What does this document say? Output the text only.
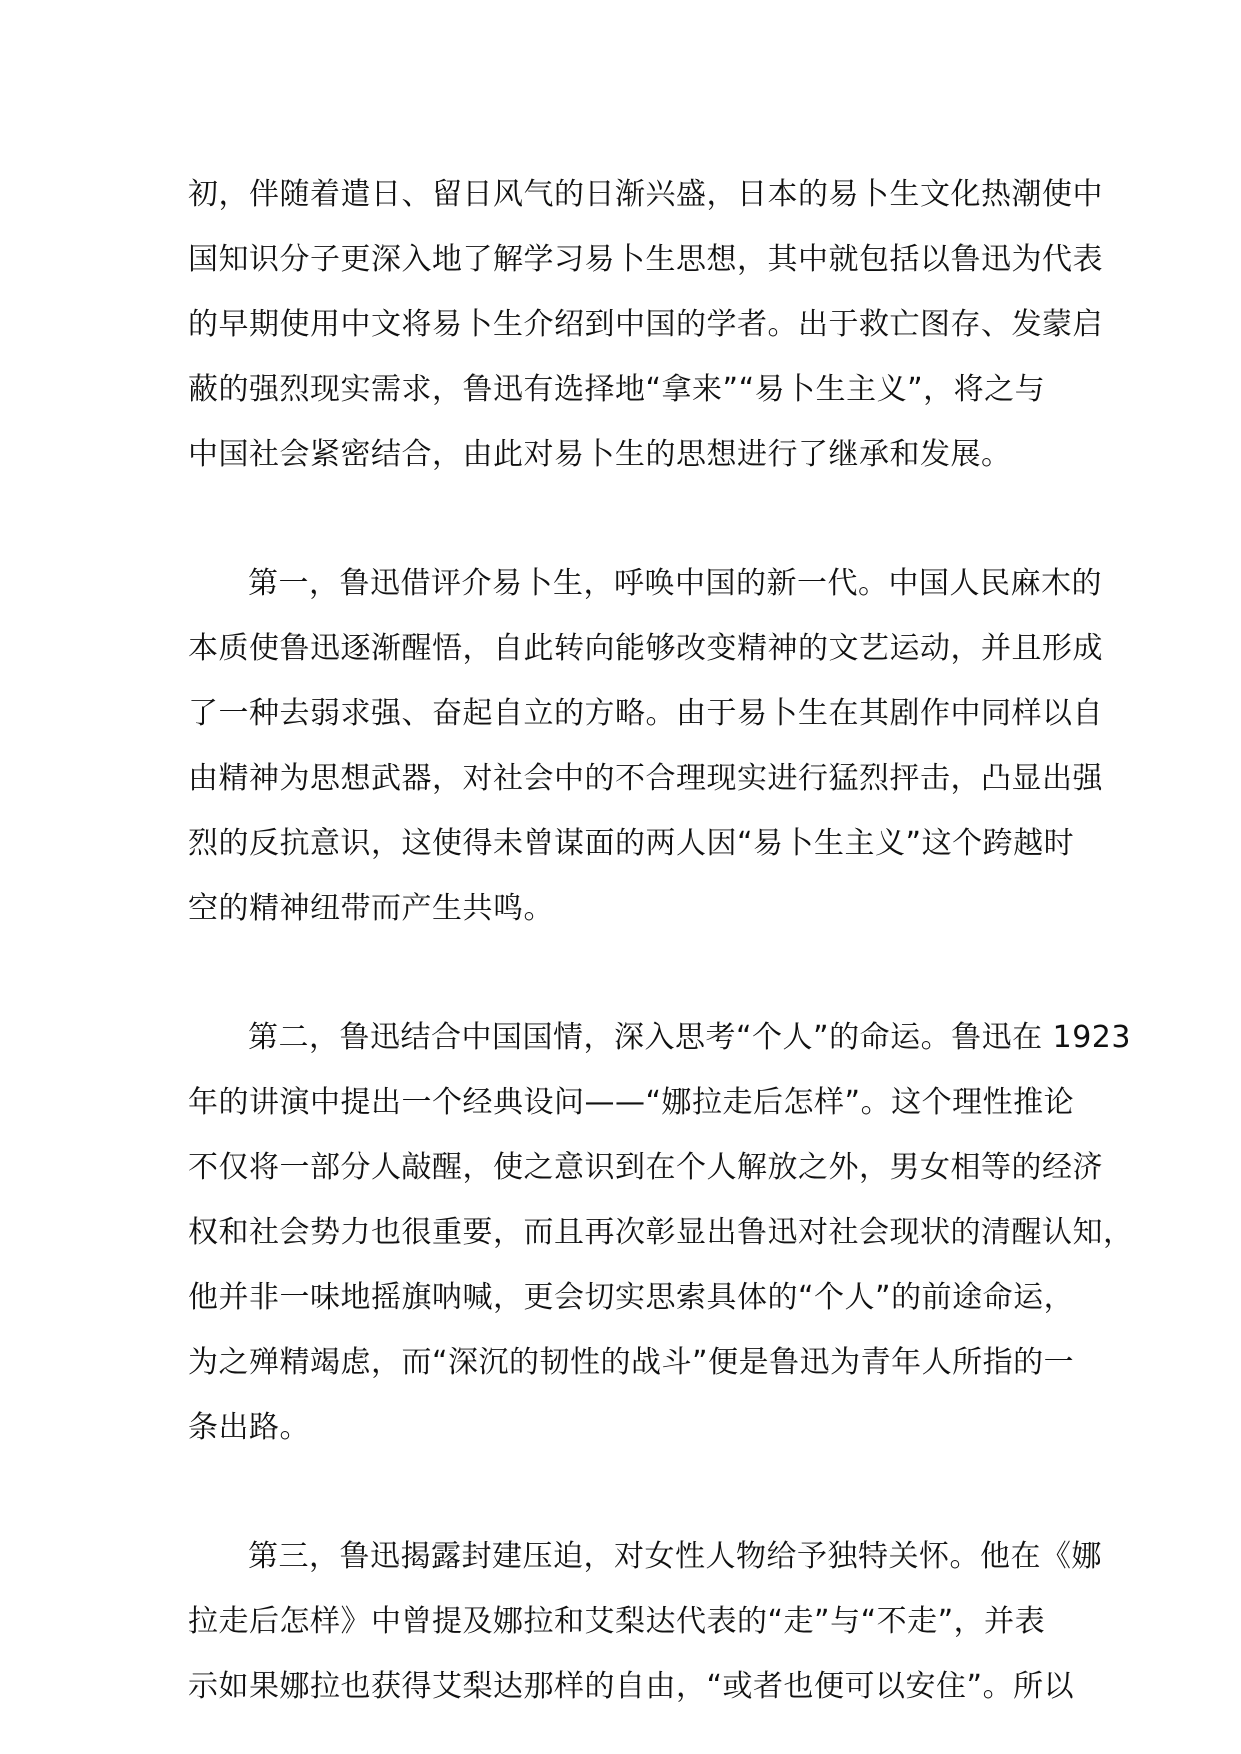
初，伴随着遣日、留日风气的日渐兴盛，日本的易卜生文化热潮使中
国知识分子更深入地了解学习易卜生思想，其中就包括以鲁迅为代表
的早期使用中文将易卜生介绍到中国的学者。出于救亡图存、发蒙启
蔽的强烈现实需求，鲁迅有选择地“拿来”“易卜生主义”，将之与
中国社会紧密结合，由此对易卜生的思想进行了继承和发展。
第一，鲁迅借评介易卜生，呼唤中国的新一代。中国人民麻木的
本质使鲁迅逐渐醒悟，自此转向能够改变精神的文艺运动，并且形成
了一种去弱求强、奋起自立的方略。由于易卜生在其剧作中同样以自
由精神为思想武器，对社会中的不合理现实进行猛烈抨击，凸显出强
烈的反抗意识，这使得未曾谋面的两人因“易卜生主义”这个跨越时
空的精神纽带而产生共鸣。
第二，鲁迅结合中国国情，深入思考“个人”的命运。鲁迅在 1923
年的讲演中提出一个经典设问——“娜拉走后怎样”。这个理性推论
不仅将一部分人敲醒，使之意识到在个人解放之外，男女相等的经济
权和社会势力也很重要，而且再次彰显出鲁迅对社会现状的清醒认知，
他并非一味地摇旗呐喊，更会切实思索具体的“个人”的前途命运，
为之殚精竭虑，而“深沉的韧性的战斗”便是鲁迅为青年人所指的一
条出路。
第三，鲁迅揭露封建压迫，对女性人物给予独特关怀。他在《娜
拉走后怎样》中曾提及娜拉和艾梨达代表的“走”与“不走”，并表
示如果娜拉也获得艾梨达那样的自由，“或者也便可以安住”。所以
